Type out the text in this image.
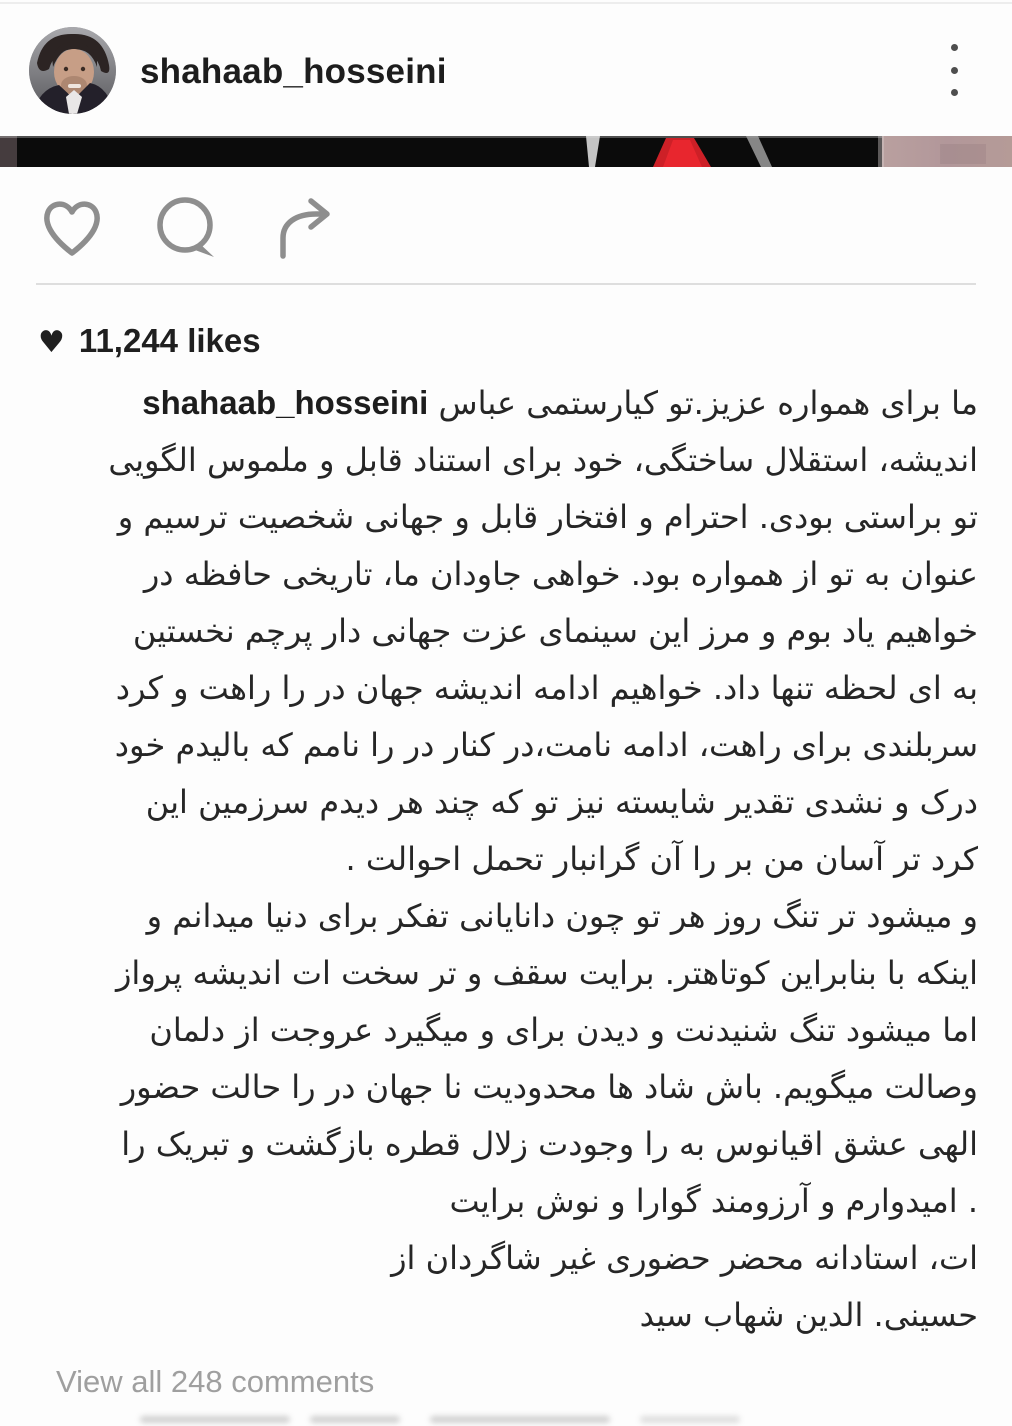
shahaab_hosseini
♥ 11,244 likes
shahaab_hosseini عباس کیارستمی عزیز.تو همواره برای ما
الگویی ملموس و قابل استناد برای خود ساختگی، استقلال اندیشه،
و ترسیم شخصیت جهانی و قابل افتخار و احترام بودی. براستی تو
در حافظه تاریخی ما، جاودان خواهی بود. همواره از تو به عنوان
نخستین پرچم دار جهانی عزت سینمای این مرز و بوم یاد خواهیم
کرد و راهت را در جهان اندیشه ادامه خواهیم داد. تنها لحظه ای به
خود بالیدم که نامم را در کنار نامت،در ادامه راهت، برای سربلندی
این سرزمین دیدم هر چند که تو نیز شایسته تقدیر نشدی و درک
. احوالت تحمل گرانبار آن را بر من آسان تر کرد
و میدانم دنیا برای تفکر دانایانی چون تو هر روز تنگ تر میشود و
پرواز اندیشه ات سخت تر و سقف برایت کوتاهتر. بنابراین با اینکه
دلمان از عروجت میگیرد و برای دیدن و شنیدنت تنگ میشود اما
حضور حالت را در جهان نا محدودیت ها شاد باش میگویم. وصالت
را تبریک و بازگشت قطره زلال وجودت را به اقیانوس عشق الهی
برایت نوش و گوارا آرزومند و امیدوارم .
از شاگردان غیر حضوری محضر استادانه ات،
سید شهاب الدین حسینی.
View all 248 comments
